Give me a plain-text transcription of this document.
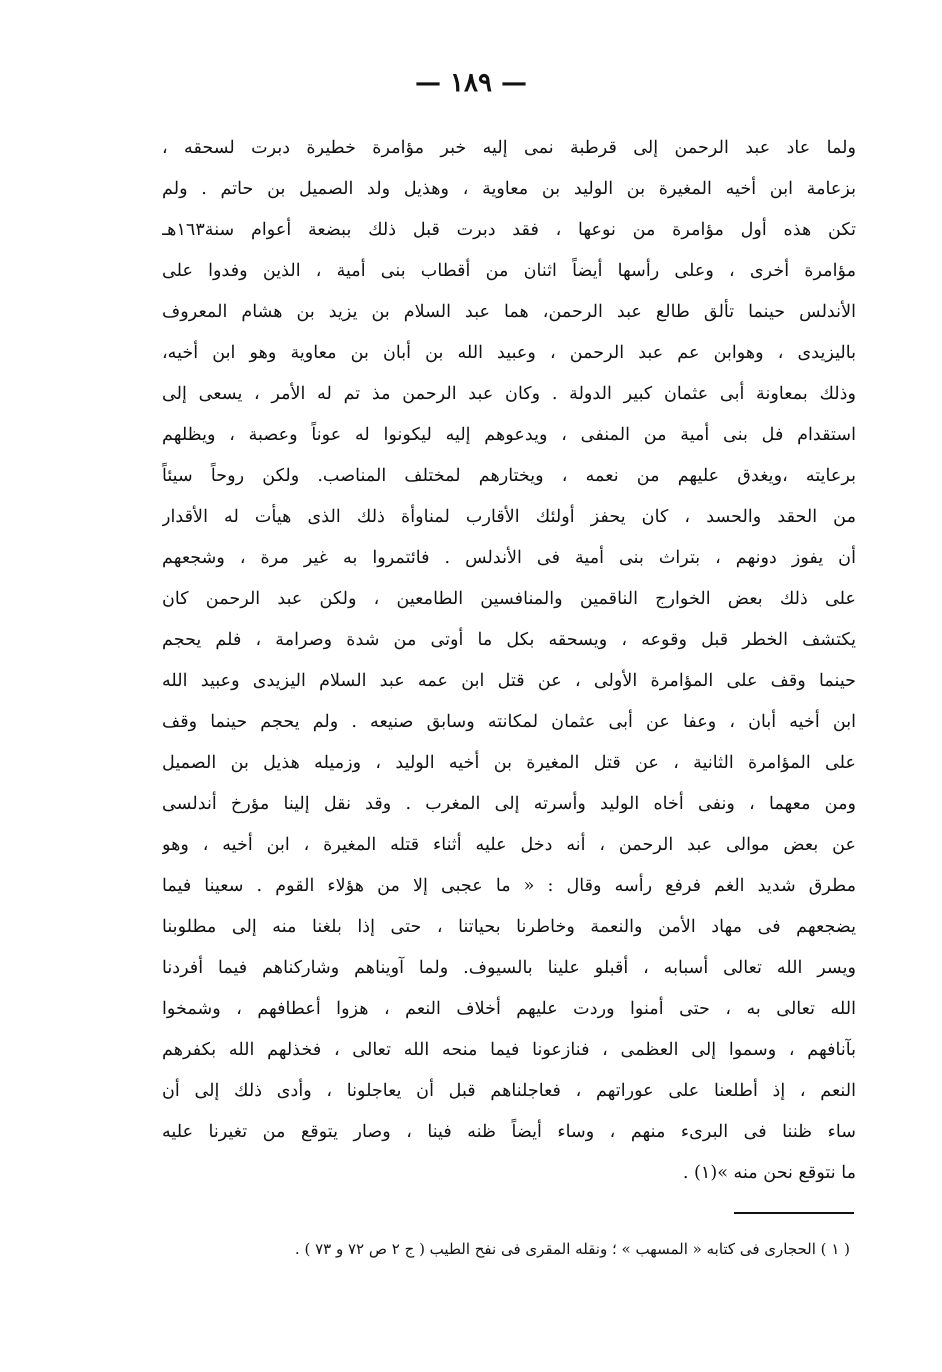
— ١٨٩ —
ولما عاد عبد الرحمن إلى قرطبة نمى إليه خبر مؤامرة خطيرة دبرت لسحقه ،
بزعامة ابن أخيه المغيرة بن الوليد بن معاوية ، وهذيل ولد الصميل بن حاتم . ولم
تكن هذه أول مؤامرة من نوعها ، فقد دبرت قبل ذلك ببضعة أعوام سنة١٦٣هـ
مؤامرة أخرى ، وعلى رأسها أيضاً اثنان من أقطاب بنى أمية ، الذين وفدوا على
الأندلس حينما تألق طالع عبد الرحمن، هما عبد السلام بن يزيد بن هشام المعروف
باليزيدى ، وهوابن عم عبد الرحمن ، وعبيد الله بن أبان بن معاوية وهو ابن أخيه،
وذلك بمعاونة أبى عثمان كبير الدولة . وكان عبد الرحمن مذ تم له الأمر ، يسعى إلى
استقدام فل بنى أمية من المنفى ، ويدعوهم إليه ليكونوا له عوناً وعصبة ، ويظلهم
برعايته ،ويغدق عليهم من نعمه ، ويختارهم لمختلف المناصب. ولكن روحاً سيئاً
من الحقد والحسد ، كان يحفز أولئك الأقارب لمناوأة ذلك الذى هيأت له الأقدار
أن يفوز دونهم ، بتراث بنى أمية فى الأندلس . فائتمروا به غير مرة ، وشجعهم
على ذلك بعض الخوارج الناقمين والمنافسين الطامعين ، ولكن عبد الرحمن كان
يكتشف الخطر قبل وقوعه ، ويسحقه بكل ما أوتى من شدة وصرامة ، فلم يحجم
حينما وقف على المؤامرة الأولى ، عن قتل ابن عمه عبد السلام اليزيدى وعبيد الله
ابن أخيه أبان ، وعفا عن أبى عثمان لمكانته وسابق صنيعه . ولم يحجم حينما وقف
على المؤامرة الثانية ، عن قتل المغيرة بن أخيه الوليد ، وزميله هذيل بن الصميل
ومن معهما ، ونفى أخاه الوليد وأسرته إلى المغرب . وقد نقل إلينا مؤرخ أندلسى
عن بعض موالى عبد الرحمن ، أنه دخل عليه أثناء قتله المغيرة ، ابن أخيه ، وهو
مطرق شديد الغم فرفع رأسه وقال : « ما عجبى إلا من هؤلاء القوم . سعينا فيما
يضجعهم فى مهاد الأمن والنعمة وخاطرنا بحياتنا ، حتى إذا بلغنا منه إلى مطلوبنا
ويسر الله تعالى أسبابه ، أقبلو علينا بالسيوف. ولما آويناهم وشاركناهم فيما أفردنا
الله تعالى به ، حتى أمنوا وردت عليهم أخلاف النعم ، هزوا أعطافهم ، وشمخوا
بآنافهم ، وسموا إلى العظمى ، فنازعونا فيما منحه الله تعالى ، فخذلهم الله بكفرهم
النعم ، إذ أطلعنا على عوراتهم ، فعاجلناهم قبل أن يعاجلونا ، وأدى ذلك إلى أن
ساء ظننا فى البرىء منهم ، وساء أيضاً ظنه فينا ، وصار يتوقع من تغيرنا عليه
ما نتوقع نحن منه »(١) .
( ١ ) الحجارى فى كتابه « المسهب » ؛ ونقله المقرى فى نفح الطيب ( ج ٢ ص ٧٢ و ٧٣ ) .
